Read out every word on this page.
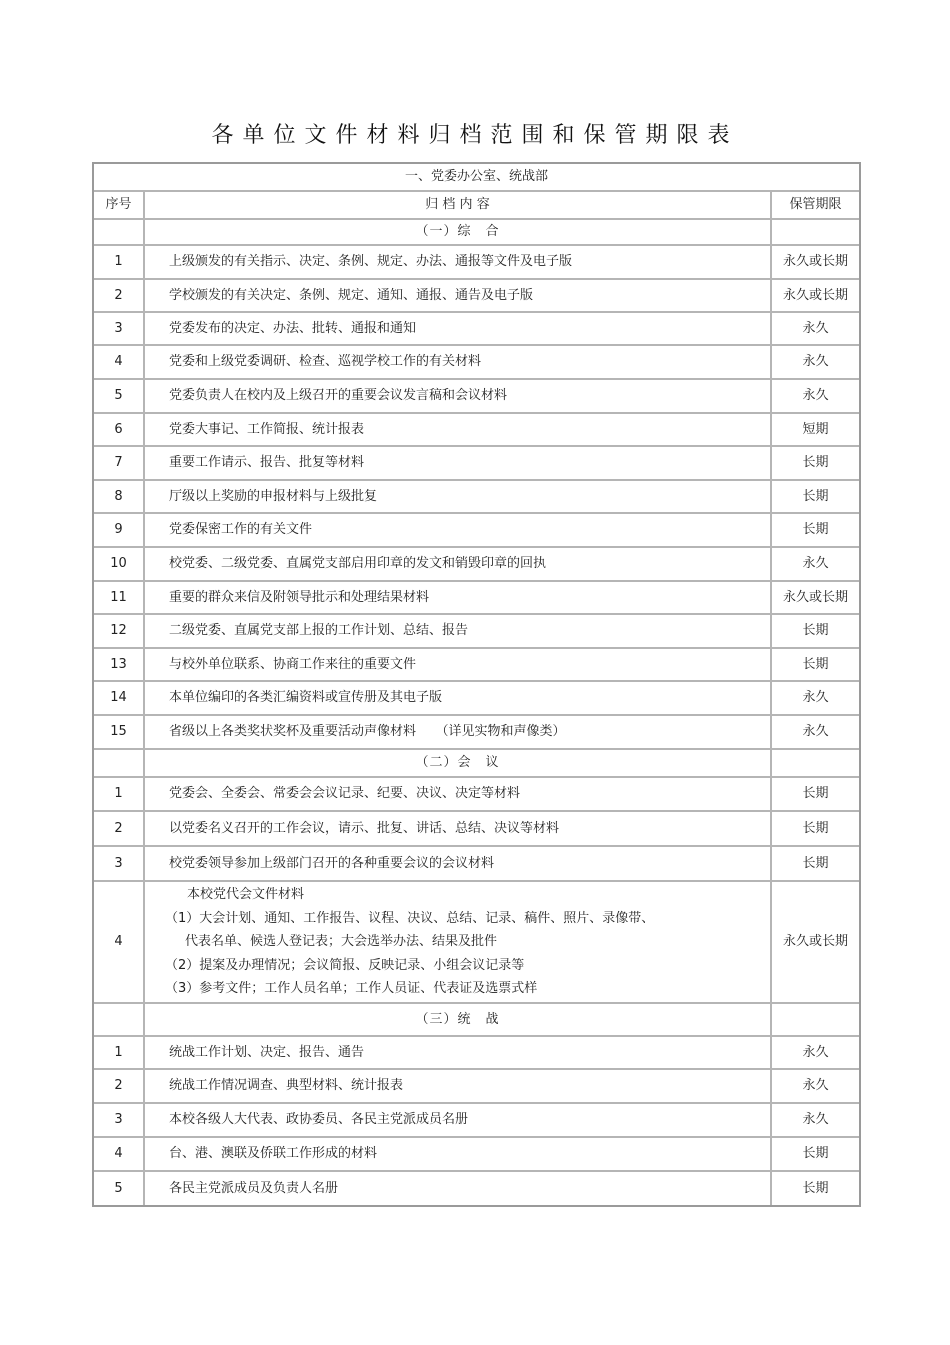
各单位文件材料归档范围和保管期限表
一、党委办公室、统战部		
序号	归 档 内 容	保管期限
	（一）综　合	
1	上级颁发的有关指示、决定、条例、规定、办法、通报等文件及电子版	永久或长期
2	学校颁发的有关决定、条例、规定、通知、通报、通告及电子版	永久或长期
3	党委发布的决定、办法、批转、通报和通知	永久
4	党委和上级党委调研、检查、巡视学校工作的有关材料	永久
5	党委负责人在校内及上级召开的重要会议发言稿和会议材料	永久
6	党委大事记、工作简报、统计报表	短期
7	重要工作请示、报告、批复等材料	长期
8	厅级以上奖励的申报材料与上级批复	长期
9	党委保密工作的有关文件	长期
10	校党委、二级党委、直属党支部启用印章的发文和销毁印章的回执	永久
11	重要的群众来信及附领导批示和处理结果材料	永久或长期
12	二级党委、直属党支部上报的工作计划、总结、报告	长期
13	与校外单位联系、协商工作来往的重要文件	长期
14	本单位编印的各类汇编资料或宣传册及其电子版	永久
15	省级以上各类奖状奖杯及重要活动声像材料　　（详见实物和声像类）	永久
	（二）会　议	
1	党委会、全委会、常委会会议记录、纪要、决议、决定等材料	长期
2	以党委名义召开的工作会议，请示、批复、讲话、总结、决议等材料	长期
3	校党委领导参加上级部门召开的各种重要会议的会议材料	长期
4	本校党代会文件材料
（1）大会计划、通知、工作报告、议程、决议、总结、记录、稿件、照片、录像带、
代表名单、候选人登记表；大会选举办法、结果及批件
（2）提案及办理情况；会议简报、反映记录、小组会议记录等
（3）参考文件；工作人员名单；工作人员证、代表证及选票式样	永久或长期
	（三）统　战	
1	统战工作计划、决定、报告、通告	永久
2	统战工作情况调查、典型材料、统计报表	永久
3	本校各级人大代表、政协委员、各民主党派成员名册	永久
4	台、港、澳联及侨联工作形成的材料	长期
5	各民主党派成员及负责人名册	长期
